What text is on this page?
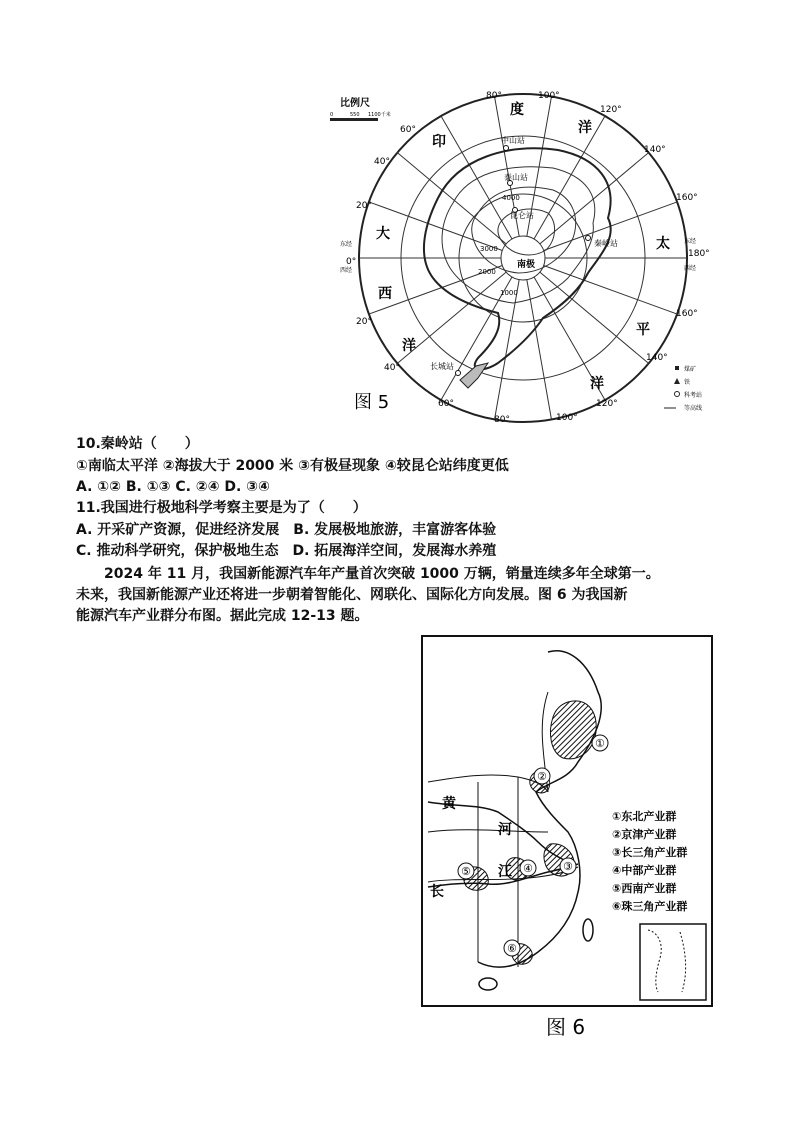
比例尺
0	550 1100千米
4000
3000
2000
1000
南极
中山站
泰山站
昆仑站
秦岭站
长城站
印
度
洋
太
平
洋
大
西
洋
80°	100°
120°
140°
160°
180°
160°
140°
120°
100°
80°
60°
40°
20°
0°
20°
40°
60°
东经
西经
东经
西经
图 5
煤矿
铁
科考站
等高线
10.秦岭站（　　）
①南临太平洋 ②海拔大于 2000 米 ③有极昼现象 ④较昆仑站纬度更低
A. ①② B. ①③ C. ②④ D. ③④
11.我国进行极地科学考察主要是为了（　　）
A. 开采矿产资源，促进经济发展　B. 发展极地旅游，丰富游客体验
C. 推动科学研究，保护极地生态　D. 拓展海洋空间，发展海水养殖

2024 年 11 月，我国新能源汽车年产量首次突破 1000 万辆，销量连续多年全球第一。

未来，我国新能源产业还将进一步朝着智能化、网联化、国际化方向发展。图 6 为我国新

能源汽车产业群分布图。据此完成 12-13 题。

①
②
③
④
⑤
⑥
黄
河
长
江
①东北产业群
②京津产业群
③长三角产业群
④中部产业群
⑤西南产业群
⑥珠三角产业群
图 6
